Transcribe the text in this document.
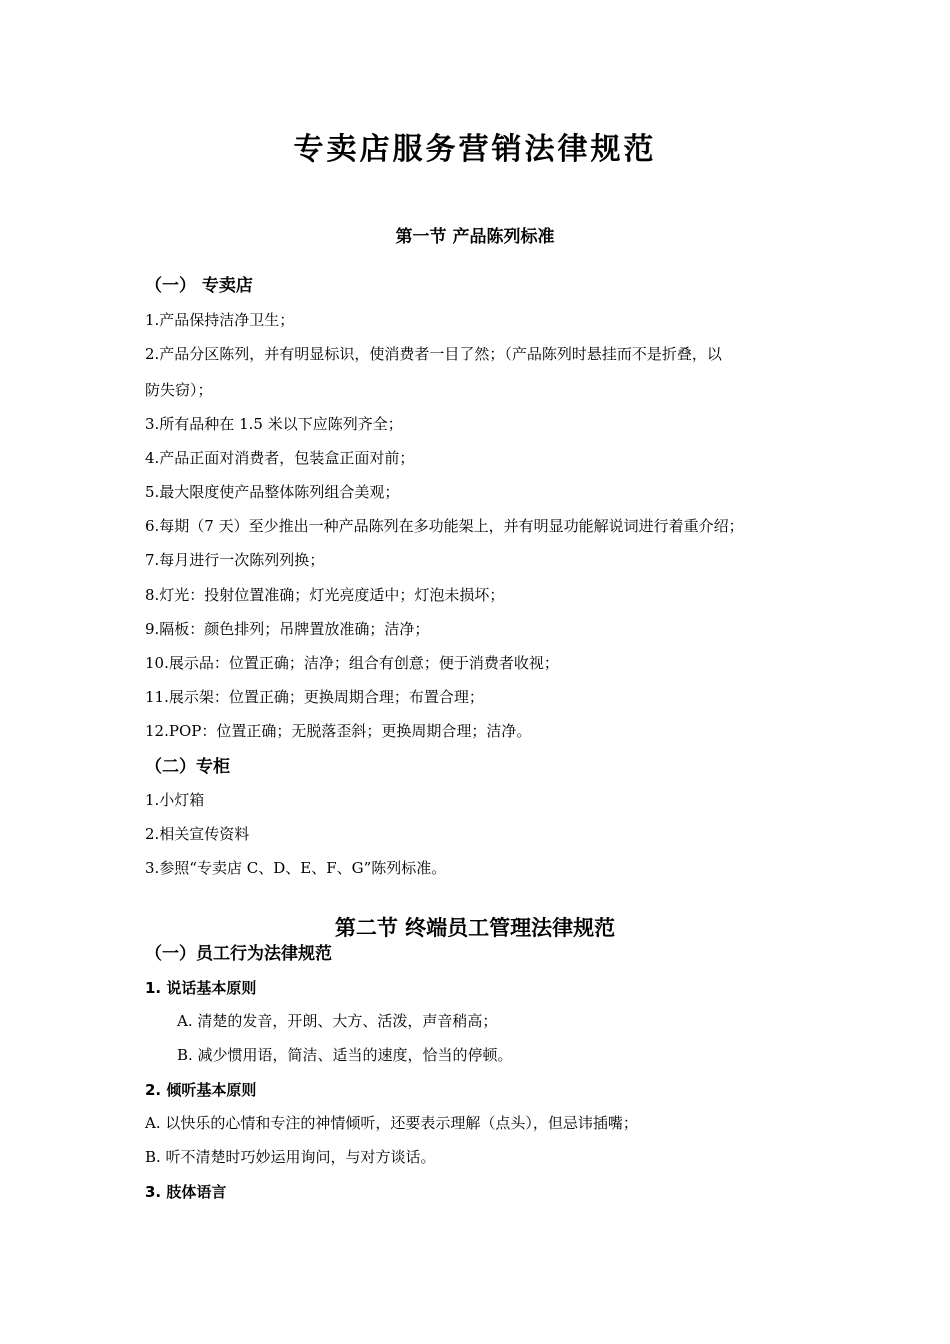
专卖店服务营销法律规范
第一节 产品陈列标准
（一） 专卖店
1.产品保持洁净卫生；
2.产品分区陈列，并有明显标识，使消费者一目了然；（产品陈列时悬挂而不是折叠，以
防失窃）；
3.所有品种在 1.5 米以下应陈列齐全；
4.产品正面对消费者，包装盒正面对前；
5.最大限度使产品整体陈列组合美观；
6.每期（7 天）至少推出一种产品陈列在多功能架上，并有明显功能解说词进行着重介绍；
7.每月进行一次陈列列换；
8.灯光：投射位置准确；灯光亮度适中；灯泡未损坏；
9.隔板：颜色排列；吊牌置放准确；洁净；
10.展示品：位置正确；洁净；组合有创意；便于消费者收视；
11.展示架：位置正确；更换周期合理；布置合理；
12.POP：位置正确；无脱落歪斜；更换周期合理；洁净。
（二）专柜
1.小灯箱
2.相关宣传资料
3.参照“专卖店 C、D、E、F、G”陈列标准。
第二节 终端员工管理法律规范
（一）员工行为法律规范
1. 说话基本原则
A. 清楚的发音，开朗、大方、活泼，声音稍高；
B. 减少惯用语，简洁、适当的速度，恰当的停顿。
2. 倾听基本原则
A. 以快乐的心情和专注的神情倾听，还要表示理解（点头），但忌讳插嘴；
B. 听不清楚时巧妙运用询问，与对方谈话。
3. 肢体语言
